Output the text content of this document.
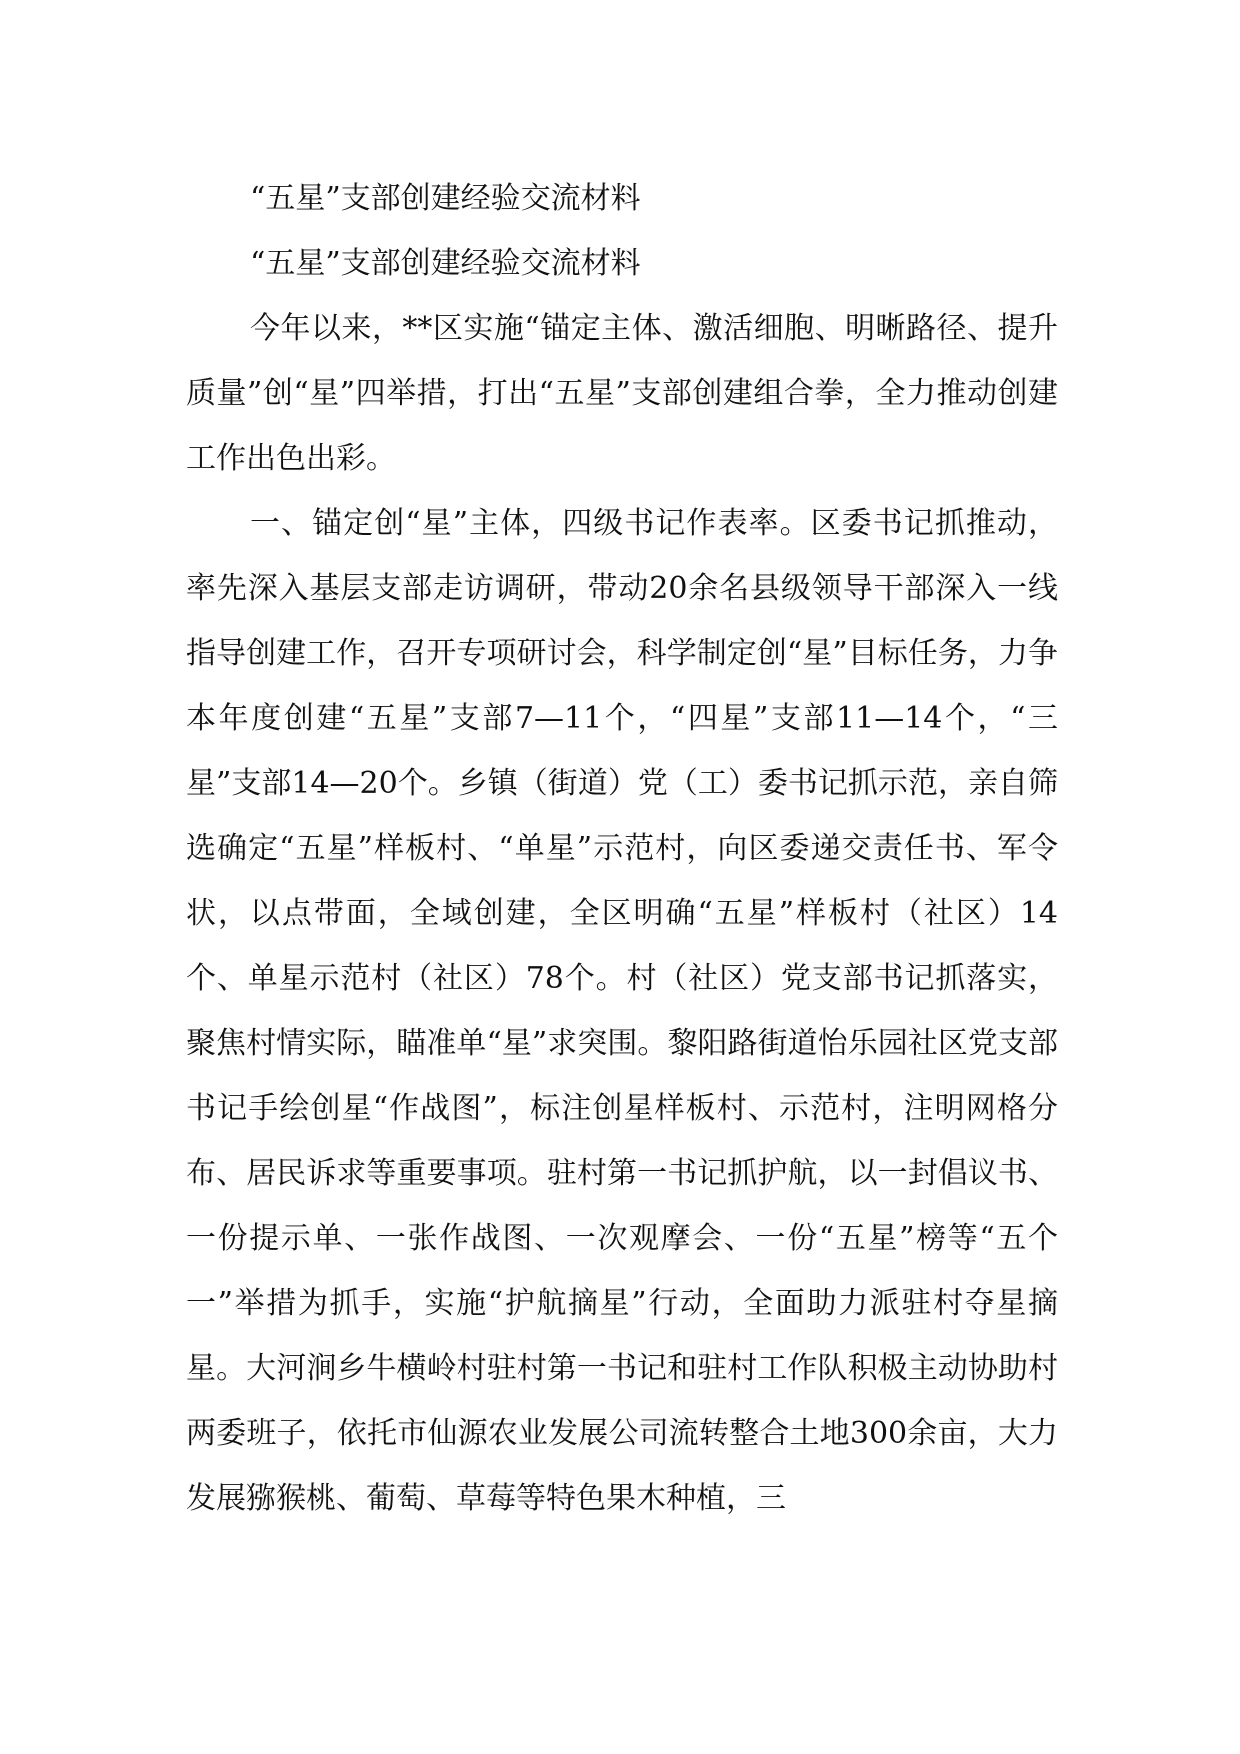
“五星”支部创建经验交流材料

“五星”支部创建经验交流材料

今年以来，**区实施“锚定主体、激活细胞、明晰路径、提升质量”创“星”四举措，打出“五星”支部创建组合拳，全力推动创建工作出色出彩。

一、锚定创“星”主体，四级书记作表率。区委书记抓推动，率先深入基层支部走访调研，带动20余名县级领导干部深入一线指导创建工作，召开专项研讨会，科学制定创“星”目标任务，力争本年度创建“五星”支部7—11个，“四星”支部11—14个，“三星”支部14—20个。乡镇（街道）党（工）委书记抓示范，亲自筛选确定“五星”样板村、“单星”示范村，向区委递交责任书、军令状，以点带面，全域创建，全区明确“五星”样板村（社区）14个、单星示范村（社区）78个。村（社区）党支部书记抓落实，聚焦村情实际，瞄准单“星”求突围。黎阳路街道怡乐园社区党支部书记手绘创星“作战图”，标注创星样板村、示范村，注明网格分布、居民诉求等重要事项。驻村第一书记抓护航，以一封倡议书、一份提示单、一张作战图、一次观摩会、一份“五星”榜等“五个一”举措为抓手，实施“护航摘星”行动，全面助力派驻村夺星摘星。大河涧乡牛横岭村驻村第一书记和驻村工作队积极主动协助村两委班子，依托市仙源农业发展公司流转整合土地300余亩，大力发展猕猴桃、葡萄、草莓等特色果木种植，三
